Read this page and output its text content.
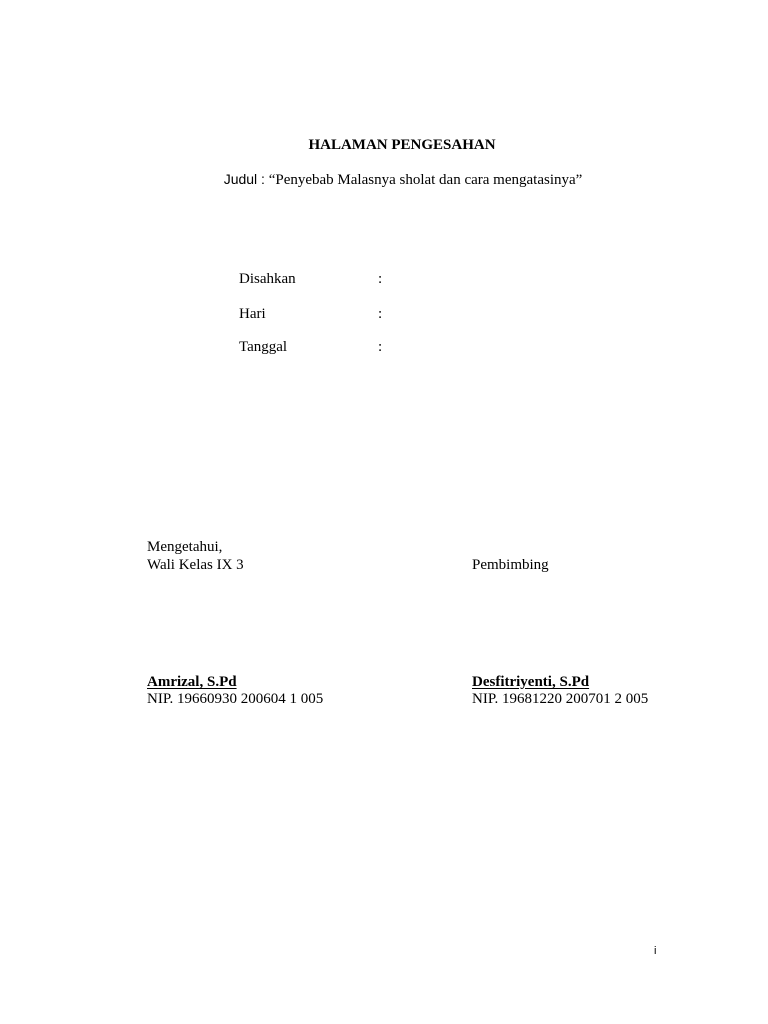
HALAMAN PENGESAHAN
Judul : “Penyebab Malasnya sholat dan cara mengatasinya”
Disahkan	:
Hari	:
Tanggal	:
Mengetahui,
Wali Kelas IX 3	Pembimbing
Amrizal, S.Pd	Desfitriyenti, S.Pd
NIP. 19660930 200604 1 005	NIP. 19681220 200701 2 005
i
